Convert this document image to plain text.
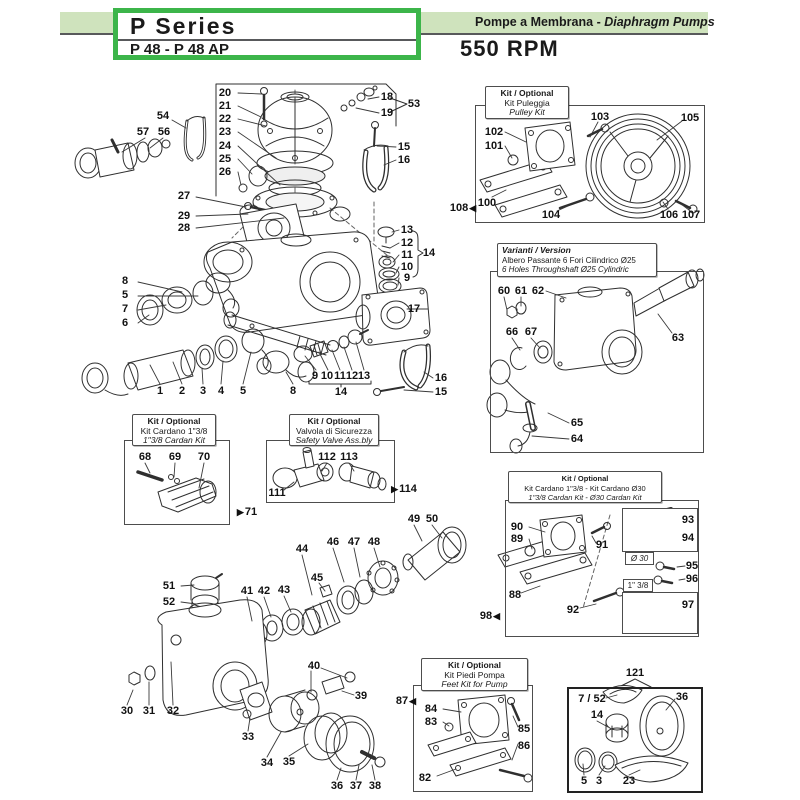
Pompe a Membrana - Diaphragm Pumps
P Series
P 48 - P 48 AP	550 RPM
Kit / Optional
Kit Puleggia
Pulley Kit
Varianti / Version
Albero Passante 6 Fori Cilindrico Ø25
6 Holes Throughshaft Ø25 Cylindric
Kit / Optional
Kit Cardano 1"3/8
1"3/8 Cardan Kit
Kit / Optional
Valvola di Sicurezza
Safety Valve Ass.bly
Kit / Optional
Kit Cardano 1"3/8 - Kit Cardano Ø30
1"3/8 Cardan Kit - Ø30 Cardan Kit
Ø 30
1" 3/8
Kit / Optional
Kit Piedi Pompa
Feet Kit for Pump
20
21
22
23
24
25
26
54
57 56
18
19
53
15
16
27
29
28	13
12
11
10
9
14
17
8
5
7
6
1 2 3 4 5	8
9 10 11 12 13
14
16
15
103	105
102
101
100
104	106 107
60 61 62
66 67	63
65
64
68 69 70
111
112 113
49 50
44
46 47 48
45
51
52
41 42 43
40
39
30 31 32
33
34 35
36 37 38
90
89
88
91
92
93
94
95
96
97
84
83
82
85
86
121
7 / 52
14
36
5 3 23
108 ◀
▶ 71
▶ 114
98 ◀
87 ◀
